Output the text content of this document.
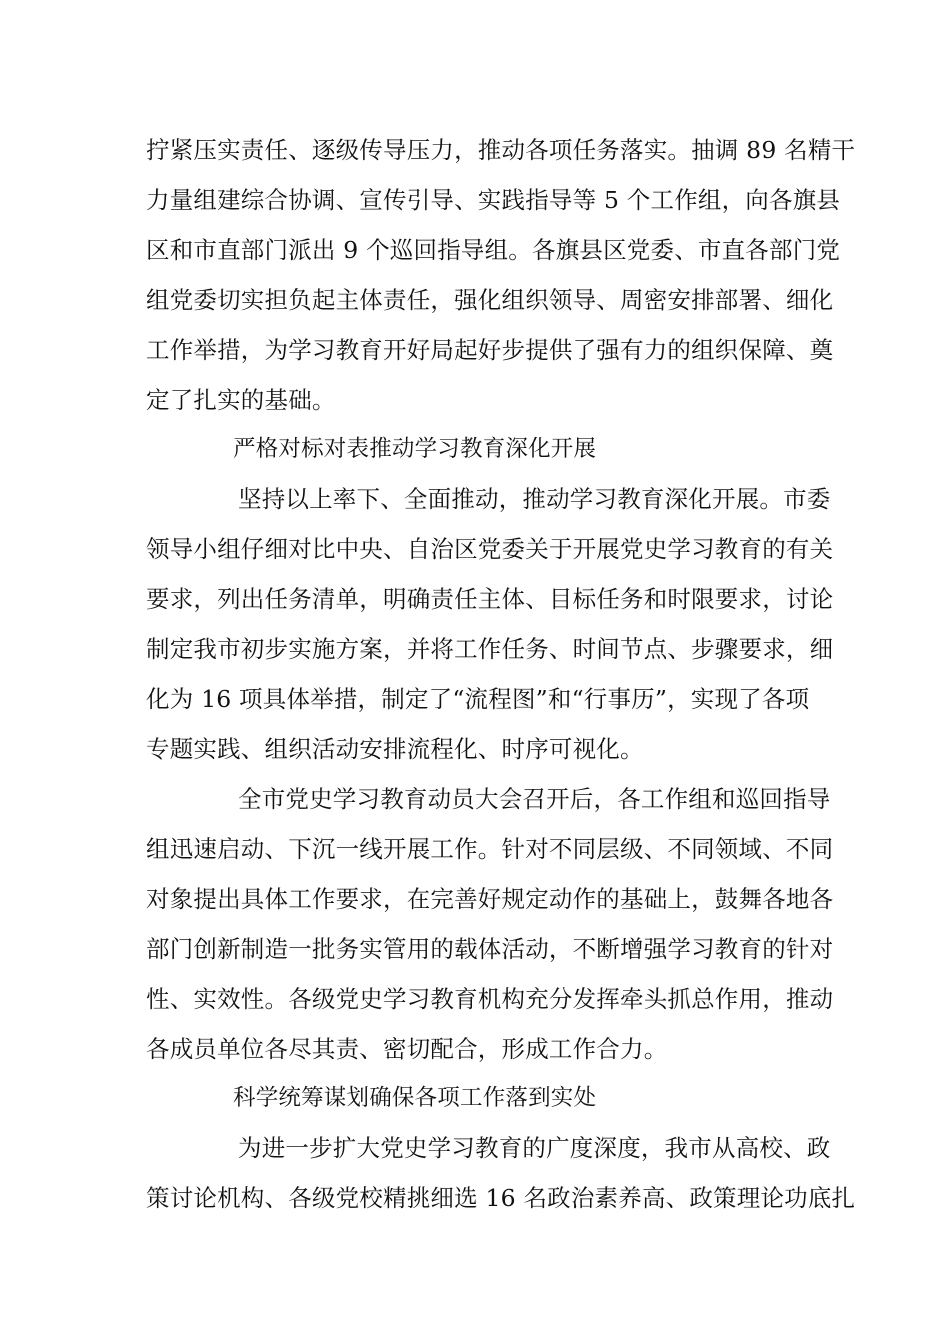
拧紧压实责任、逐级传导压力，推动各项任务落实。抽调 89 名精干
力量组建综合协调、宣传引导、实践指导等 5 个工作组，向各旗县
区和市直部门派出 9 个巡回指导组。各旗县区党委、市直各部门党
组党委切实担负起主体责任，强化组织领导、周密安排部署、细化
工作举措，为学习教育开好局起好步提供了强有力的组织保障、奠
定了扎实的基础。
严格对标对表推动学习教育深化开展
坚持以上率下、全面推动，推动学习教育深化开展。市委
领导小组仔细对比中央、自治区党委关于开展党史学习教育的有关
要求，列出任务清单，明确责任主体、目标任务和时限要求，讨论
制定我市初步实施方案，并将工作任务、时间节点、步骤要求，细
化为 16 项具体举措，制定了“流程图”和“行事历”，实现了各项
专题实践、组织活动安排流程化、时序可视化。
全市党史学习教育动员大会召开后，各工作组和巡回指导
组迅速启动、下沉一线开展工作。针对不同层级、不同领域、不同
对象提出具体工作要求，在完善好规定动作的基础上，鼓舞各地各
部门创新制造一批务实管用的载体活动，不断增强学习教育的针对
性、实效性。各级党史学习教育机构充分发挥牵头抓总作用，推动
各成员单位各尽其责、密切配合，形成工作合力。
科学统筹谋划确保各项工作落到实处
为进一步扩大党史学习教育的广度深度，我市从高校、政
策讨论机构、各级党校精挑细选 16 名政治素养高、政策理论功底扎
